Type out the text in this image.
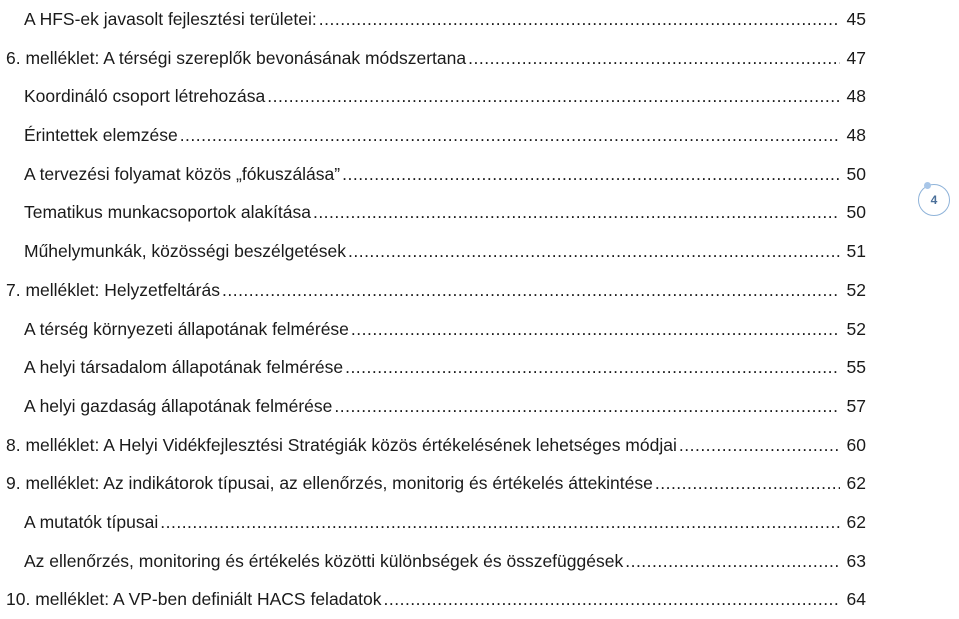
A HFS-ek javasolt fejlesztési területei: .....	45
6. melléklet: A térségi szereplők bevonásának módszertana .....	47
Koordináló csoport létrehozása .....	48
Érintettek elemzése .....	48
A tervezési folyamat közös „fókuszálása” .....	50
Tematikus munkacsoportok alakítása .....	50
Műhelymunkák, közösségi beszélgetések .....	51
7. melléklet: Helyzetfeltárás .....	52
A térség környezeti állapotának felmérése .....	52
A helyi társadalom állapotának felmérése .....	55
A helyi gazdaság állapotának felmérése .....	57
8. melléklet: A Helyi Vidékfejlesztési Stratégiák közös értékelésének lehetséges módjai .....	60
9. melléklet: Az indikátorok típusai, az ellenőrzés, monitorig és értékelés áttekintése .....	62
A mutatók típusai .....	62
Az ellenőrzés, monitoring és értékelés közötti különbségek és összefüggések .....	63
10. melléklet: A VP-ben definiált HACS feladatok .....	64
4
